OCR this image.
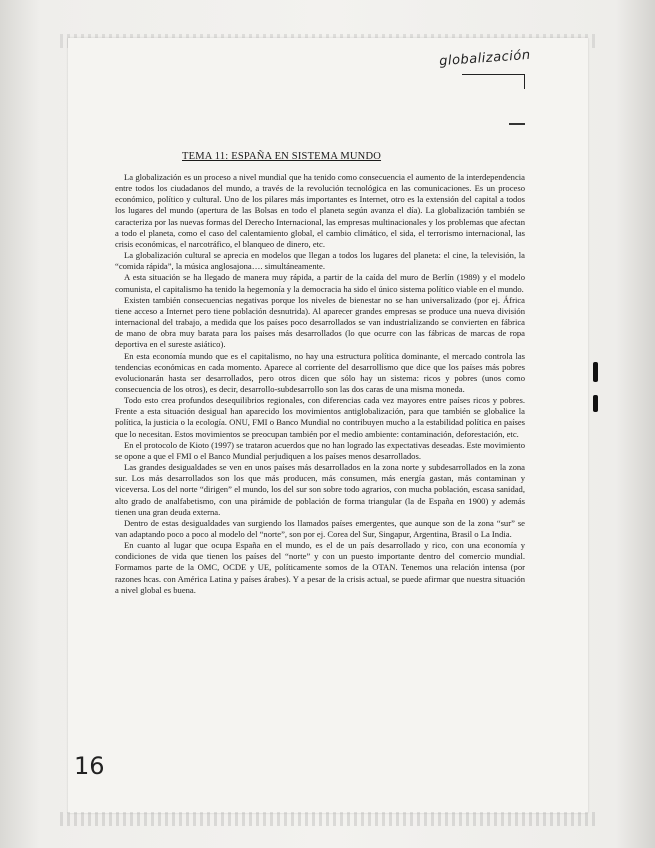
globalización
TEMA 11: ESPAÑA EN SISTEMA MUNDO

La globalización es un proceso a nivel mundial que ha tenido como consecuencia el aumento de la interdependencia entre todos los ciudadanos del mundo, a través de la revolución tecnológica en las comunicaciones. Es un proceso económico, político y cultural. Uno de los pilares más importantes es Internet, otro es la extensión del capital a todos los lugares del mundo (apertura de las Bolsas en todo el planeta según avanza el día). La globalización también se caracteriza por las nuevas formas del Derecho Internacional, las empresas multinacionales y los problemas que afectan a todo el planeta, como el caso del calentamiento global, el cambio climático, el sida, el terrorismo internacional, las crisis económicas, el narcotráfico, el blanqueo de dinero, etc.

La globalización cultural se aprecia en modelos que llegan a todos los lugares del planeta: el cine, la televisión, la “comida rápida”, la música anglosajona…. simultáneamente.

A esta situación se ha llegado de manera muy rápida, a partir de la caída del muro de Berlín (1989) y el modelo comunista, el capitalismo ha tenido la hegemonía y la democracia ha sido el único sistema político viable en el mundo.

Existen también consecuencias negativas porque los niveles de bienestar no se han universalizado (por ej. África tiene acceso a Internet pero tiene población desnutrida). Al aparecer grandes empresas se produce una nueva división internacional del trabajo, a medida que los países poco desarrollados se van industrializando se convierten en fábrica de mano de obra muy barata para los países más desarrollados (lo que ocurre con las fábricas de marcas de ropa deportiva en el sureste asiático).

En esta economía mundo que es el capitalismo, no hay una estructura política dominante, el mercado controla las tendencias económicas en cada momento. Aparece al corriente del desarrollismo que dice que los países más pobres evolucionarán hasta ser desarrollados, pero otros dicen que sólo hay un sistema: ricos y pobres (unos como consecuencia de los otros), es decir, desarrollo-subdesarrollo son las dos caras de una misma moneda.

Todo esto crea profundos desequilibrios regionales, con diferencias cada vez mayores entre países ricos y pobres. Frente a esta situación desigual han aparecido los movimientos antiglobalización, para que también se globalice la política, la justicia o la ecología. ONU, FMI o Banco Mundial no contribuyen mucho a la estabilidad política en países que lo necesitan. Estos movimientos se preocupan también por el medio ambiente: contaminación, deforestación, etc.

En el protocolo de Kioto (1997) se trataron acuerdos que no han logrado las expectativas deseadas. Este movimiento se opone a que el FMI o el Banco Mundial perjudiquen a los países menos desarrollados.

Las grandes desigualdades se ven en unos países más desarrollados en la zona norte y subdesarrollados en la zona sur. Los más desarrollados son los que más producen, más consumen, más energía gastan, más contaminan y viceversa. Los del norte “dirigen” el mundo, los del sur son sobre todo agrarios, con mucha población, escasa sanidad, alto grado de analfabetismo, con una pirámide de población de forma triangular (la de España en 1900) y además tienen una gran deuda externa.

Dentro de estas desigualdades van surgiendo los llamados países emergentes, que aunque son de la zona “sur” se van adaptando poco a poco al modelo del “norte”, son por ej. Corea del Sur, Singapur, Argentina, Brasil o La India.

En cuanto al lugar que ocupa España en el mundo, es el de un país desarrollado y rico, con una economía y condiciones de vida que tienen los países del “norte” y con un puesto importante dentro del comercio mundial. Formamos parte de la OMC, OCDE y UE, políticamente somos de la OTAN. Tenemos una relación intensa (por razones hcas. con América Latina y países árabes). Y a pesar de la crisis actual, se puede afirmar que nuestra situación a nivel global es buena.

16
